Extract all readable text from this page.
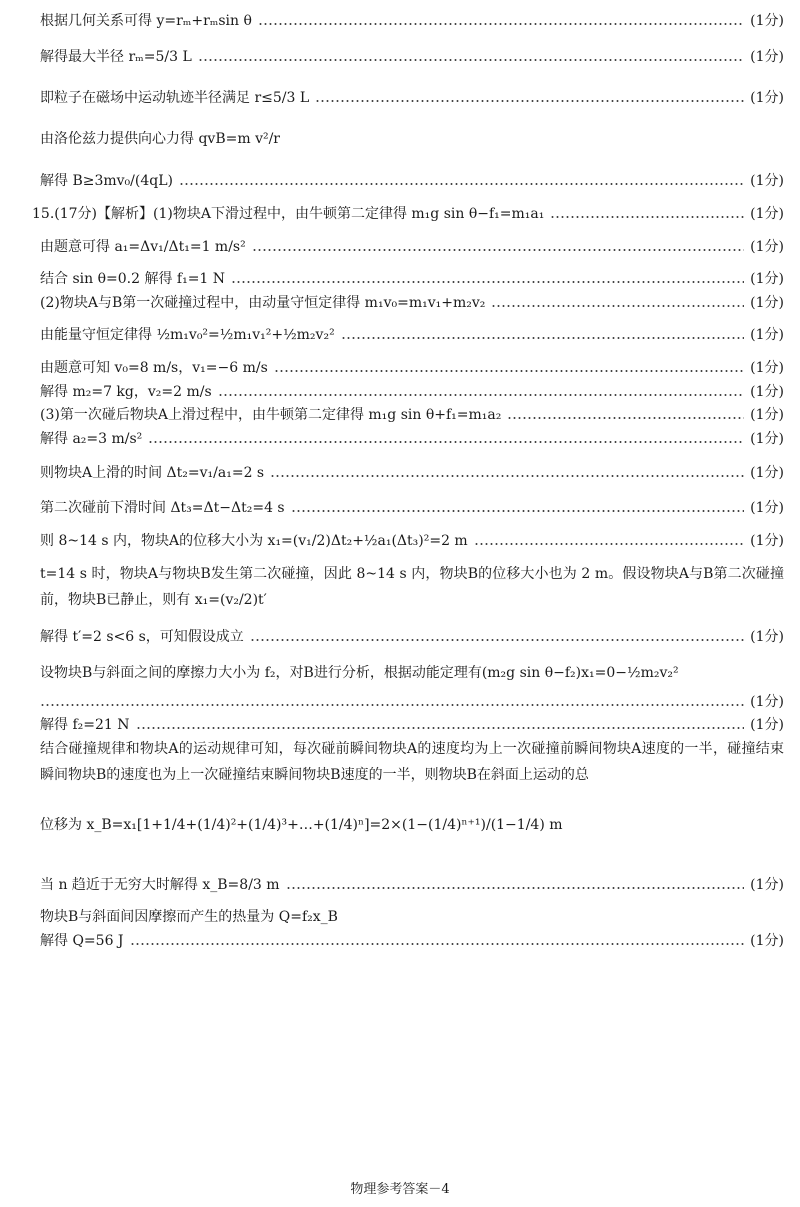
根据几何关系可得 y=rₘ+rₘsin θ	(1分)
解得最大半径 rₘ=5/3 L	(1分)
即粒子在磁场中运动轨迹半径满足 r≤5/3 L	(1分)
由洛伦兹力提供向心力得 qvB=m v²/r
解得 B≥3mv₀/(4qL)	(1分)
15.(17分)【解析】(1)物块A下滑过程中，由牛顿第二定律得 m₁g sin θ−f₁=m₁a₁	(1分)
由题意可得 a₁=Δv₁/Δt₁=1 m/s²	(1分)
结合 sin θ=0.2 解得 f₁=1 N	(1分)
(2)物块A与B第一次碰撞过程中，由动量守恒定律得 m₁v₀=m₁v₁+m₂v₂	(1分)
由能量守恒定律得 ½m₁v₀²=½m₁v₁²+½m₂v₂²	(1分)
由题意可知 v₀=8 m/s，v₁=−6 m/s	(1分)
解得 m₂=7 kg，v₂=2 m/s	(1分)
(3)第一次碰后物块A上滑过程中，由牛顿第二定律得 m₁g sin θ+f₁=m₁a₂	(1分)
解得 a₂=3 m/s²	(1分)
则物块A上滑的时间 Δt₂=v₁/a₁=2 s	(1分)
第二次碰前下滑时间 Δt₃=Δt−Δt₂=4 s	(1分)
则 8~14 s 内，物块A的位移大小为 x₁=(v₁/2)Δt₂+½a₁(Δt₃)²=2 m	(1分)
t=14 s 时，物块A与物块B发生第二次碰撞，因此 8~14 s 内，物块B的位移大小也为 2 m。假设物块A与B第二次碰撞前，物块B已静止，则有 x₁=(v₂/2)t′
解得 t′=2 s<6 s，可知假设成立	(1分)
设物块B与斜面之间的摩擦力大小为 f₂，对B进行分析，根据动能定理有(m₂g sin θ−f₂)x₁=0−½m₂v₂²
(1分)
解得 f₂=21 N	(1分)
结合碰撞规律和物块A的运动规律可知，每次碰前瞬间物块A的速度均为上一次碰撞前瞬间物块A速度的一半，碰撞结束瞬间物块B的速度也为上一次碰撞结束瞬间物块B速度的一半，则物块B在斜面上运动的总
位移为 x_B=x₁[1+1/4+(1/4)²+(1/4)³+…+(1/4)ⁿ]=2×(1−(1/4)ⁿ⁺¹)/(1−1/4) m
当 n 趋近于无穷大时解得 x_B=8/3 m	(1分)
物块B与斜面间因摩擦而产生的热量为 Q=f₂x_B
解得 Q=56 J	(1分)
物理参考答案－4
